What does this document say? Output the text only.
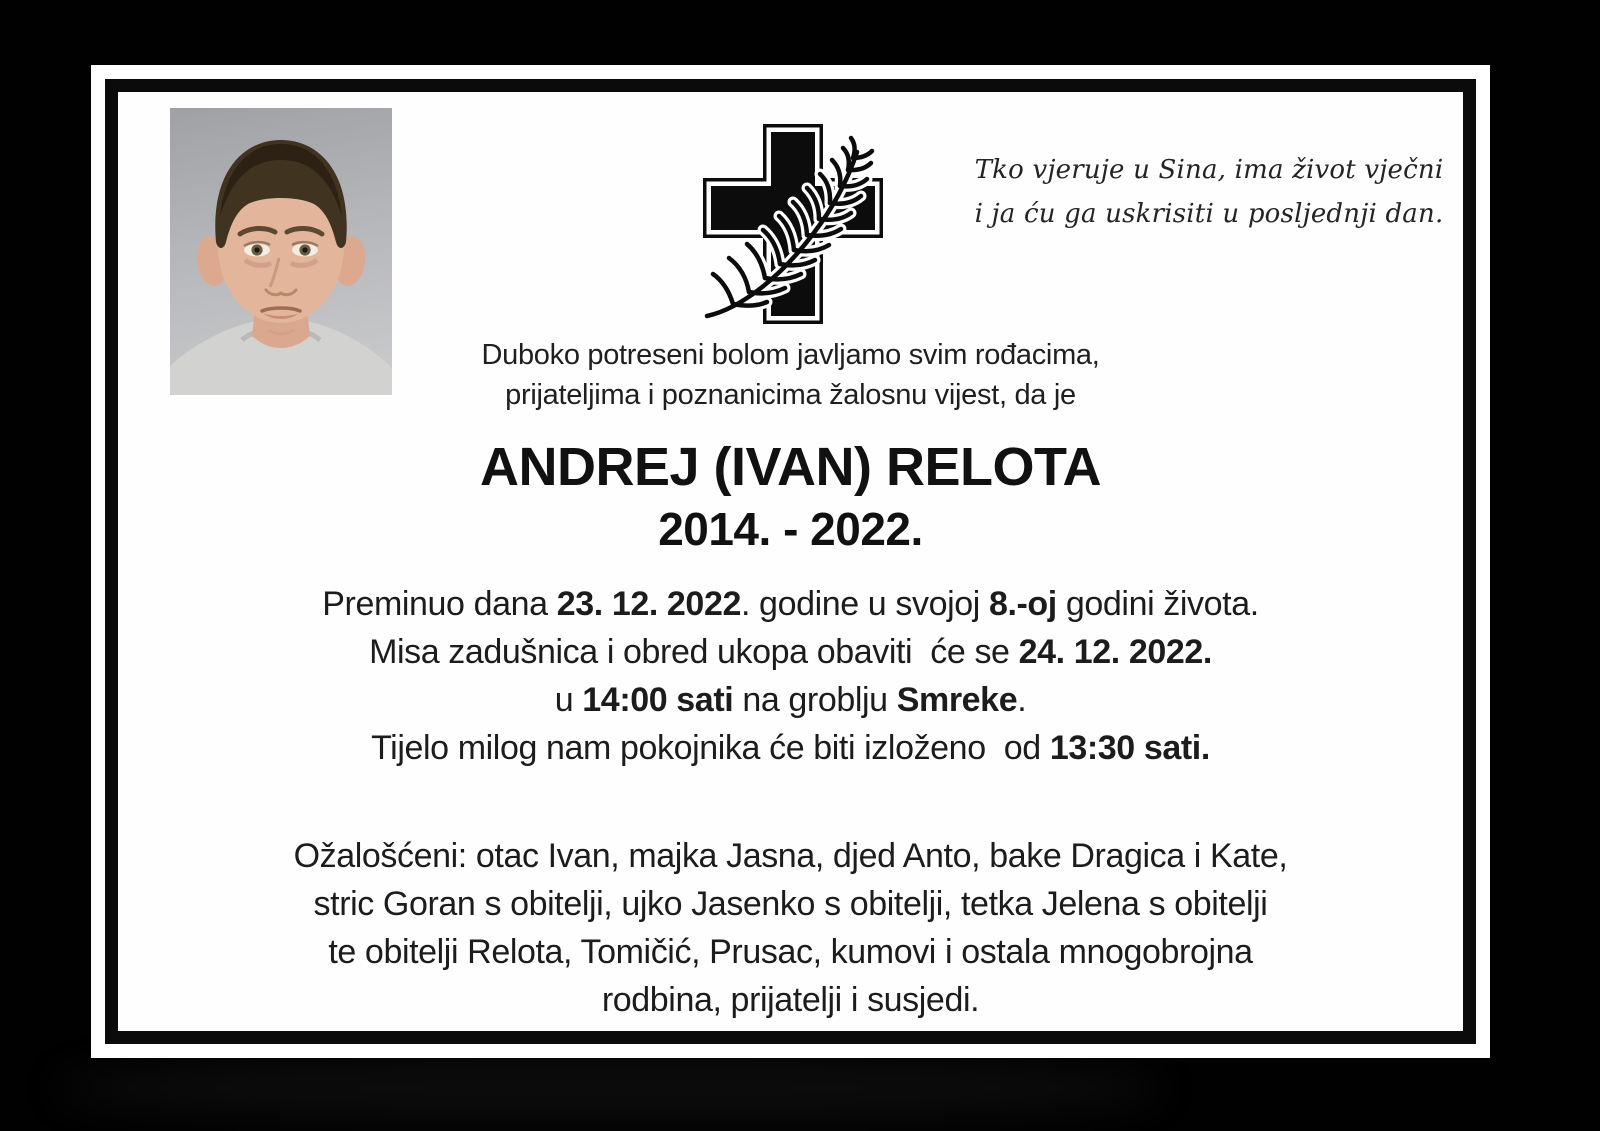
Tko vjeruje u Sina, ima život vječni
i ja ću ga uskrisiti u posljednji dan.
Duboko potreseni bolom javljamo svim rođacima,
prijateljima i poznanicima žalosnu vijest, da je
ANDREJ (IVAN) RELOTA
2014. - 2022.
Preminuo dana 23. 12. 2022. godine u svojoj 8.-oj godini života.
Misa zadušnica i obred ukopa obaviti  će se 24. 12. 2022.
u 14:00 sati na groblju Smreke.
Tijelo milog nam pokojnika će biti izloženo  od 13:30 sati.
Ožalošćeni: otac Ivan, majka Jasna, djed Anto, bake Dragica i Kate,
stric Goran s obitelji, ujko Jasenko s obitelji, tetka Jelena s obitelji
te obitelji Relota, Tomičić, Prusac, kumovi i ostala mnogobrojna
rodbina, prijatelji i susjedi.
